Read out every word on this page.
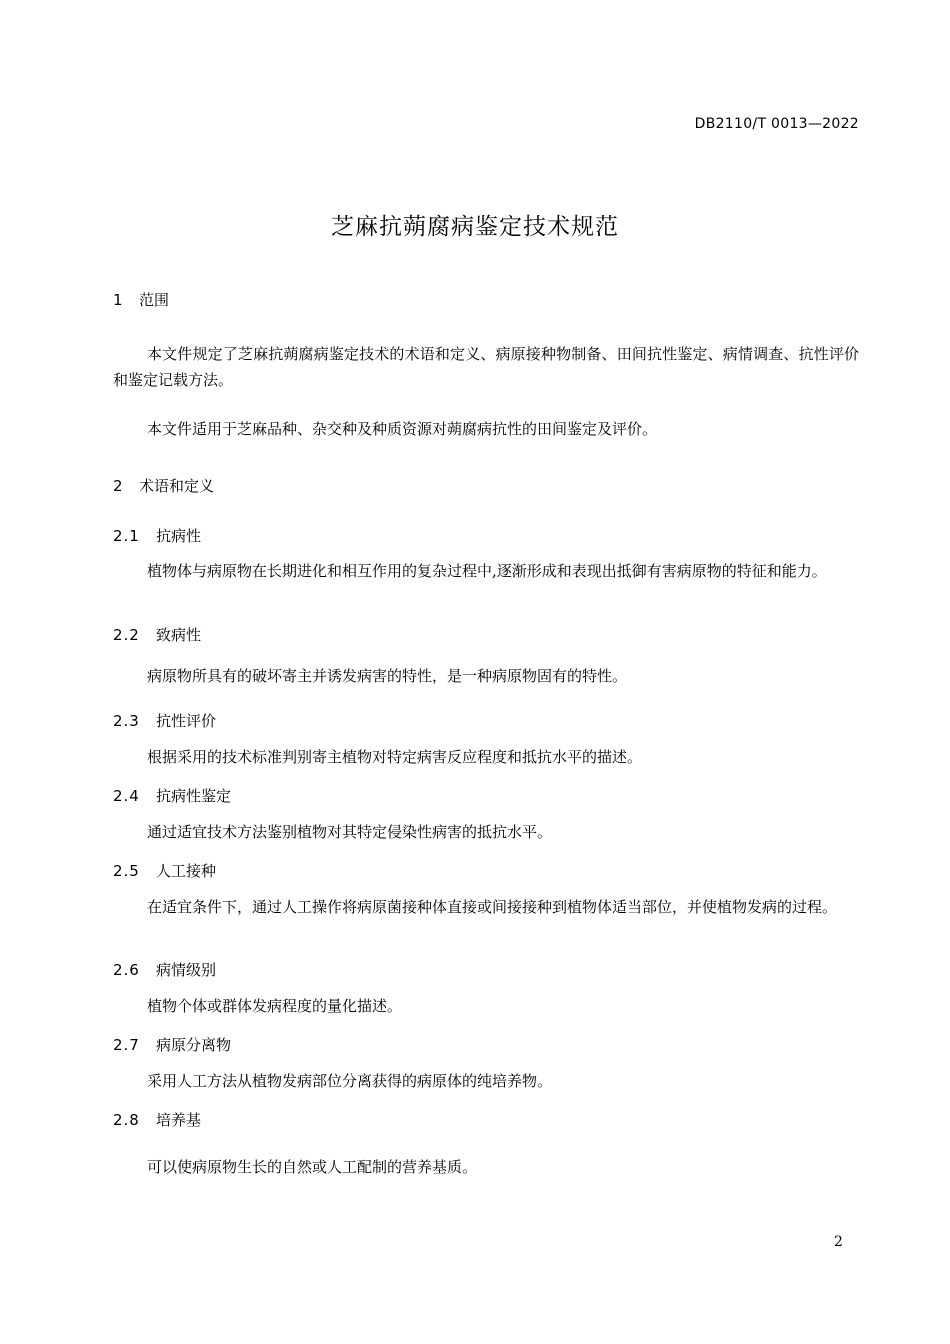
DB2110/T 0013—2022
芝麻抗蒴腐病鉴定技术规范
1 范围
本文件规定了芝麻抗蒴腐病鉴定技术的术语和定义、病原接种物制备、田间抗性鉴定、病情调查、抗性评价和鉴定记载方法。
本文件适用于芝麻品种、杂交种及种质资源对蒴腐病抗性的田间鉴定及评价。
2 术语和定义
2.1 抗病性
植物体与病原物在长期进化和相互作用的复杂过程中,逐渐形成和表现出抵御有害病原物的特征和能力。
2.2 致病性
病原物所具有的破坏寄主并诱发病害的特性，是一种病原物固有的特性。
2.3 抗性评价
根据采用的技术标准判别寄主植物对特定病害反应程度和抵抗水平的描述。
2.4 抗病性鉴定
通过适宜技术方法鉴别植物对其特定侵染性病害的抵抗水平。
2.5 人工接种
在适宜条件下，通过人工操作将病原菌接种体直接或间接接种到植物体适当部位，并使植物发病的过程。
2.6 病情级别
植物个体或群体发病程度的量化描述。
2.7 病原分离物
采用人工方法从植物发病部位分离获得的病原体的纯培养物。
2.8 培养基
可以使病原物生长的自然或人工配制的营养基质。
2
